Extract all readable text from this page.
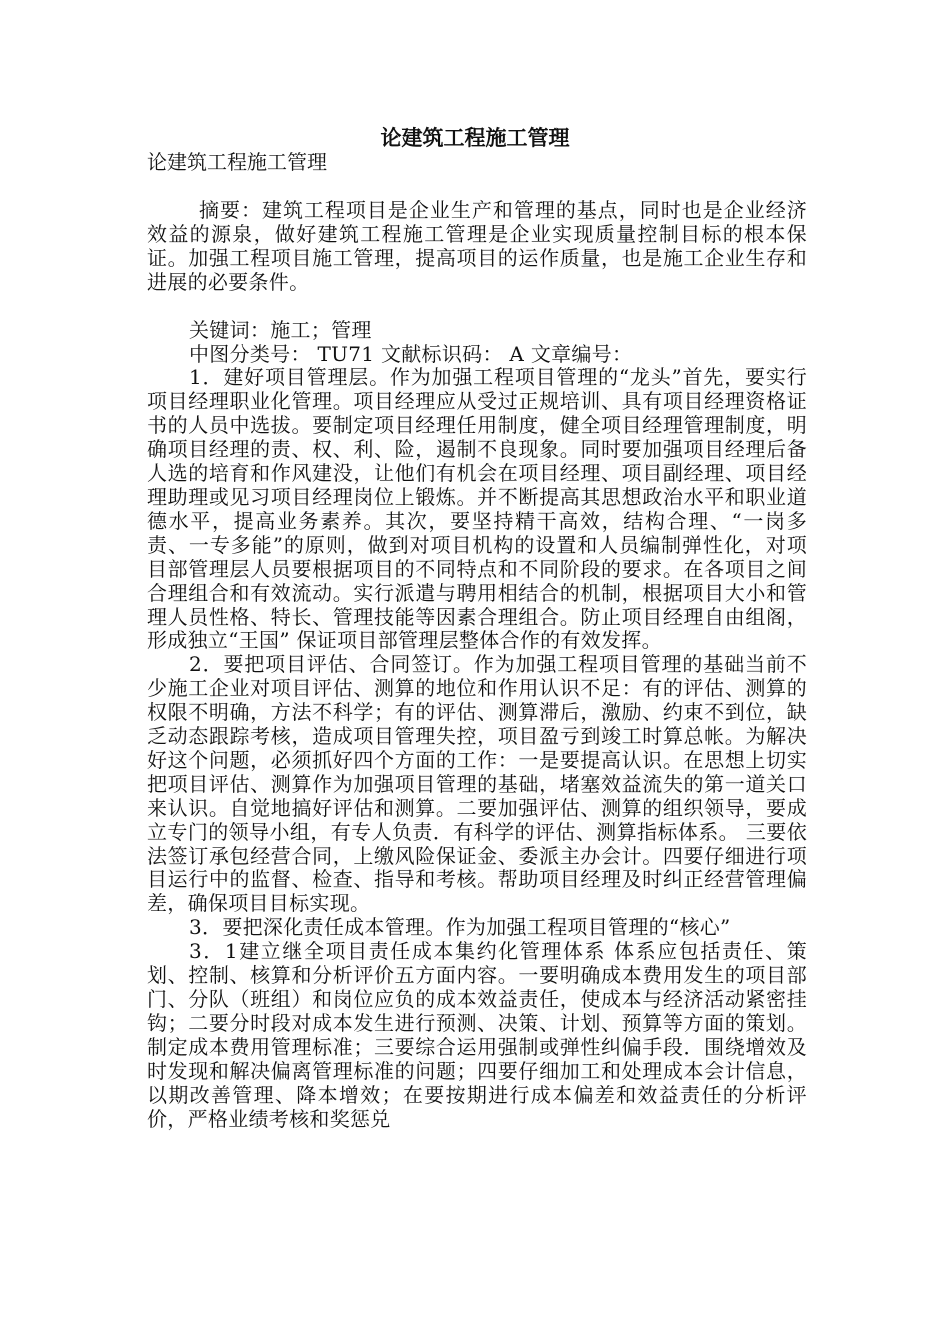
论建筑工程施工管理

论建筑工程施工管理

摘要：建筑工程项目是企业生产和管理的基点，同时也是企业经济效益的源泉，做好建筑工程施工管理是企业实现质量控制目标的根本保证。加强工程项目施工管理，提高项目的运作质量，也是施工企业生存和进展的必要条件。

关键词：施工；管理

中图分类号： TU71 文献标识码： A 文章编号：

1．建好项目管理层。作为加强工程项目管理的“龙头”首先，要实行项目经理职业化管理。项目经理应从受过正规培训、具有项目经理资格证书的人员中选拔。要制定项目经理任用制度，健全项目经理管理制度，明确项目经理的责、权、利、险，遏制不良现象。同时要加强项目经理后备人选的培育和作风建没，让他们有机会在项目经理、项目副经理、项目经理助理或见习项目经理岗位上锻炼。并不断提高其思想政治水平和职业道德水平，提高业务素养。其次，要坚持精干高效，结构合理、“一岗多责、一专多能”的原则，做到对项目机构的设置和人员编制弹性化，对项目部管理层人员要根据项目的不同特点和不同阶段的要求。在各项目之间合理组合和有效流动。实行派遣与聘用相结合的机制，根据项目大小和管理人员性格、特长、管理技能等因素合理组合。防止项目经理自由组阁，形成独立“王国” 保证项目部管理层整体合作的有效发挥。

2．要把项目评估、合同签订。作为加强工程项目管理的基础当前不少施工企业对项目评估、测算的地位和作用认识不足：有的评估、测算的权限不明确，方法不科学；有的评估、测算滞后，激励、约束不到位，缺乏动态跟踪考核，造成项目管理失控，项目盈亏到竣工时算总帐。为解决好这个问题，必须抓好四个方面的工作：一是要提高认识。在思想上切实把项目评估、测算作为加强项目管理的基础，堵塞效益流失的第一道关口来认识。自觉地搞好评估和测算。二要加强评估、测算的组织领导，要成立专门的领导小组，有专人负责．有科学的评估、测算指标体系。 三要依法签订承包经营合同，上缴风险保证金、委派主办会计。四要仔细进行项目运行中的监督、检查、指导和考核。帮助项目经理及时纠正经营管理偏差，确保项目目标实现。

3．要把深化责任成本管理。作为加强工程项目管理的“核心”

3．1建立继全项目责任成本集约化管理体系 体系应包括责任、策划、控制、核算和分析评价五方面内容。一要明确成本费用发生的项目部门、分队（班组）和岗位应负的成本效益责任，使成本与经济活动紧密挂钩；二要分时段对成本发生进行预测、决策、计划、预算等方面的策划。制定成本费用管理标准；三要综合运用强制或弹性纠偏手段．围绕增效及时发现和解决偏离管理标准的问题；四要仔细加工和处理成本会计信息，以期改善管理、降本增效；在要按期进行成本偏差和效益责任的分析评价，严格业绩考核和奖惩兑
